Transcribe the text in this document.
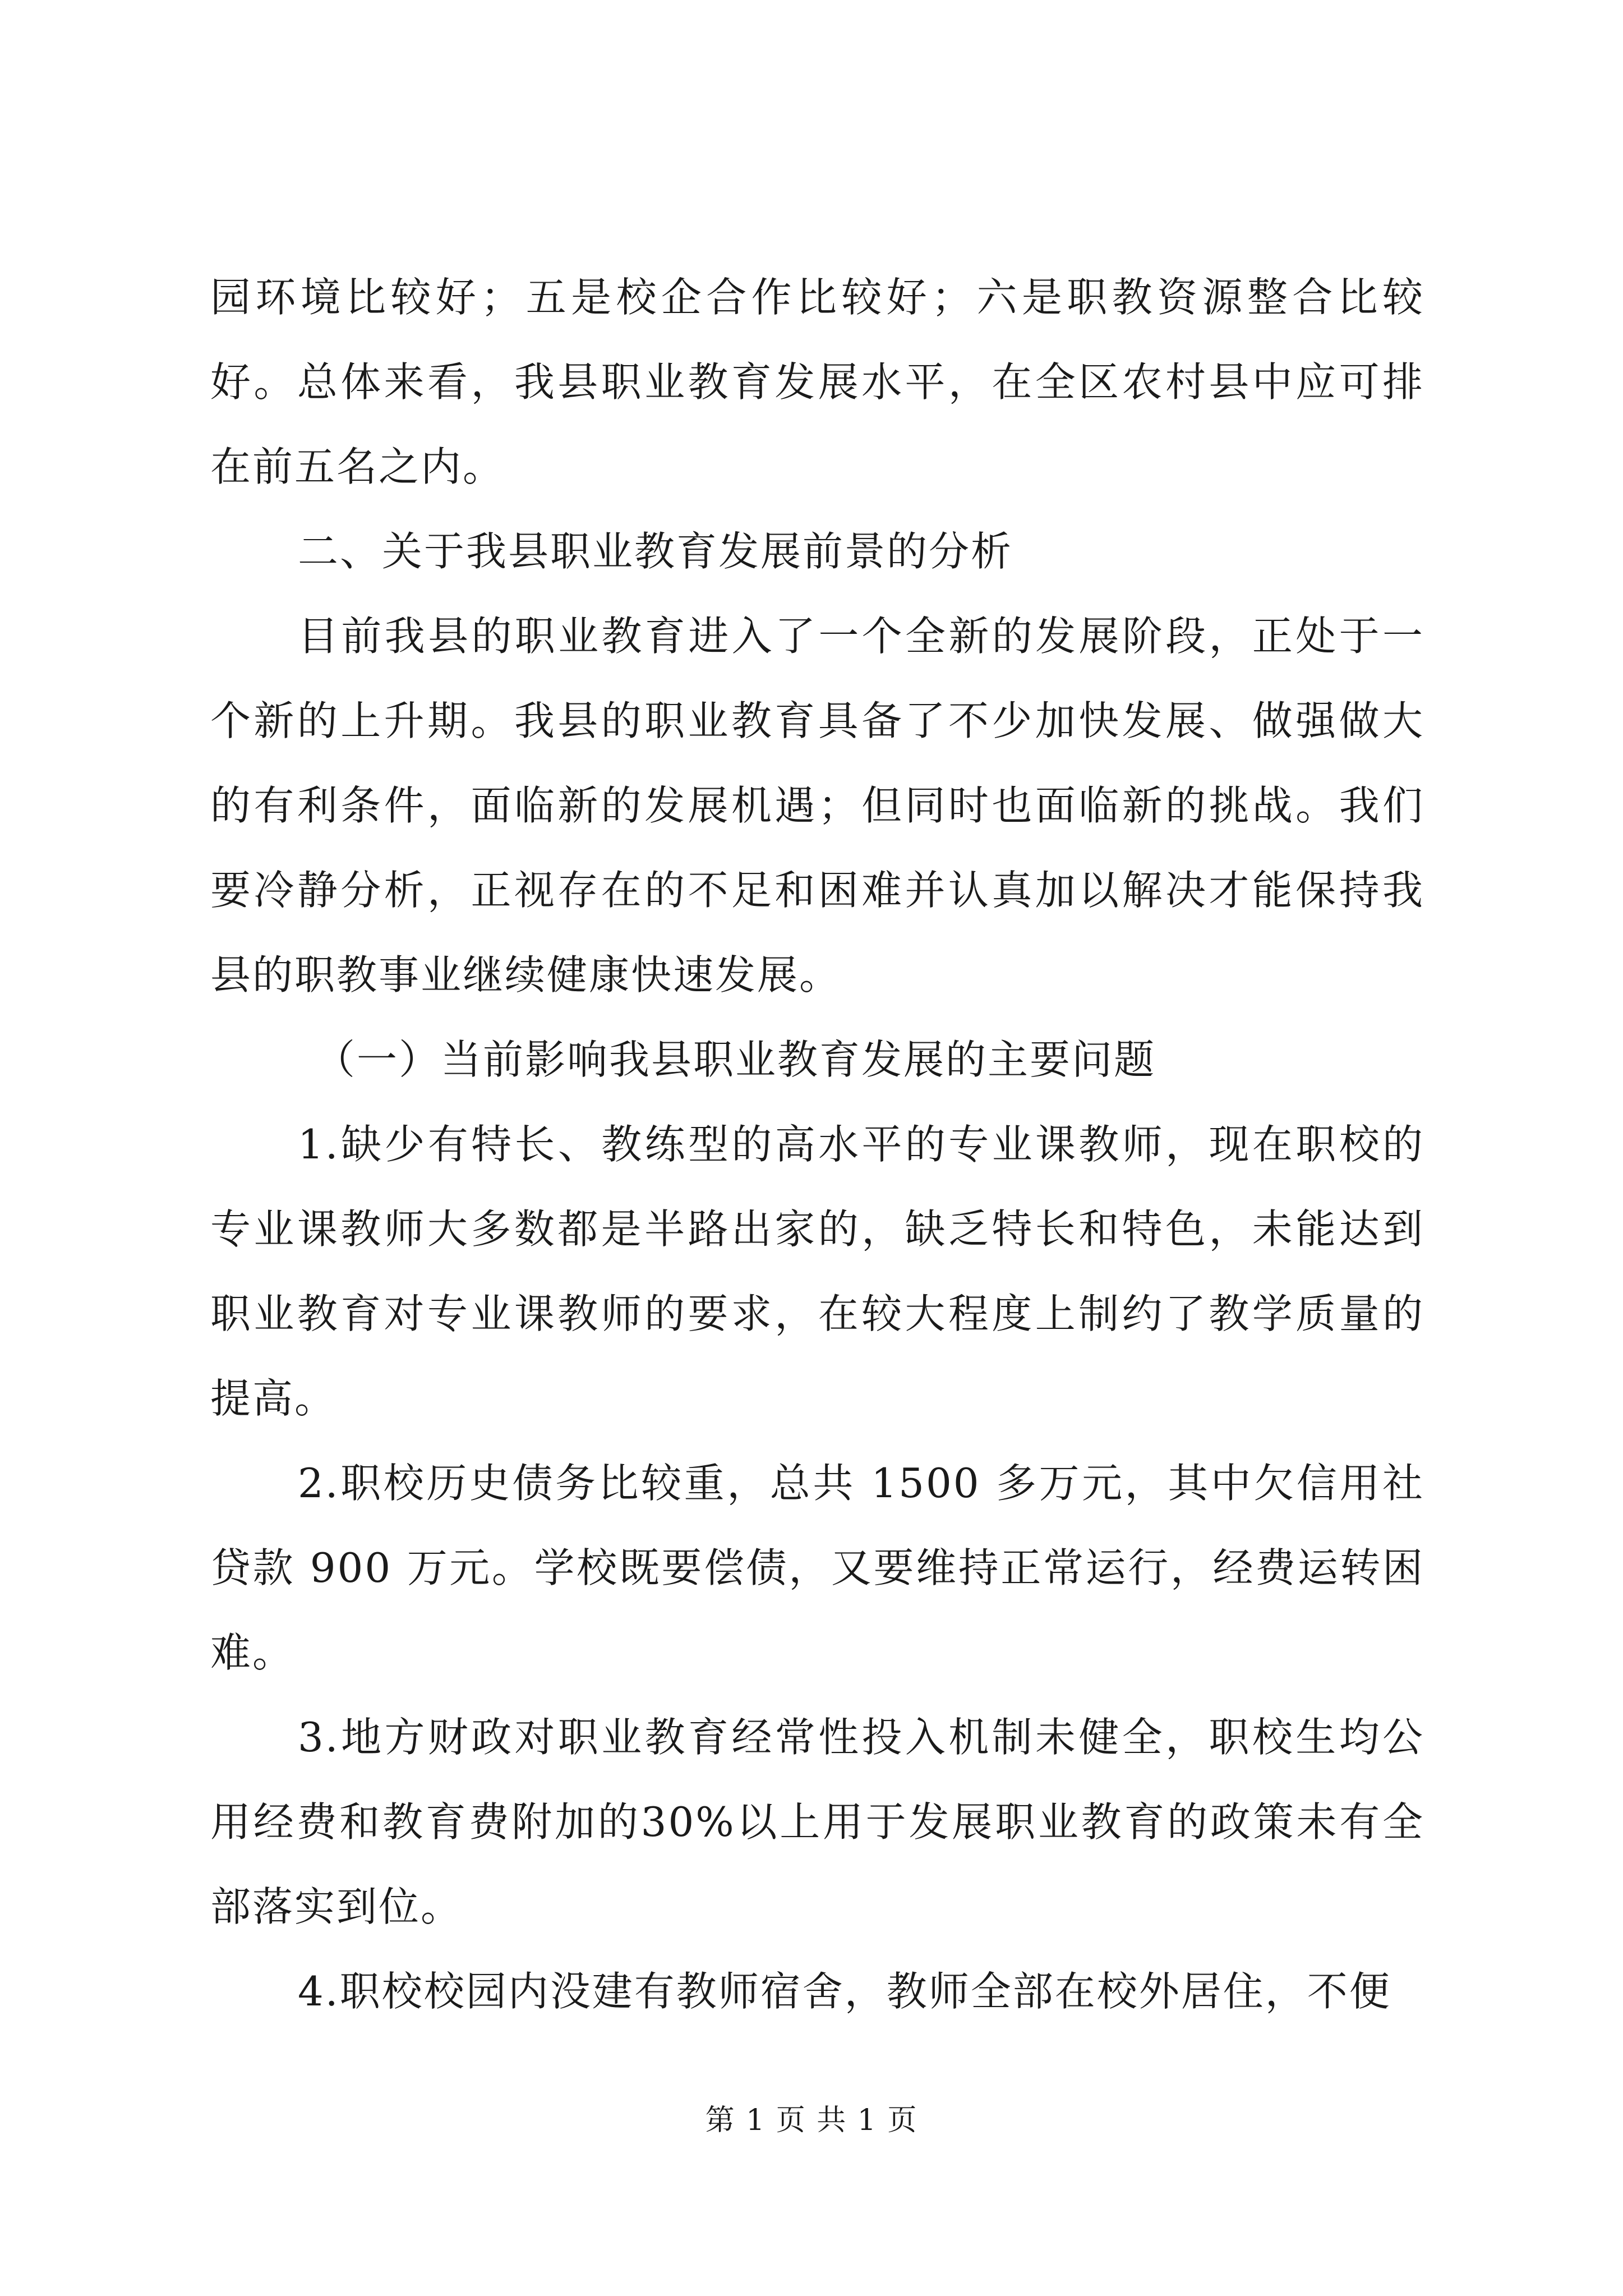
园环境比较好；五是校企合作比较好；六是职教资源整合比较好。总体来看，我县职业教育发展水平，在全区农村县中应可排在前五名之内。

二、关于我县职业教育发展前景的分析

目前我县的职业教育进入了一个全新的发展阶段，正处于一个新的上升期。我县的职业教育具备了不少加快发展、做强做大的有利条件，面临新的发展机遇；但同时也面临新的挑战。我们要冷静分析，正视存在的不足和困难并认真加以解决才能保持我县的职教事业继续健康快速发展。

（一）当前影响我县职业教育发展的主要问题

1.缺少有特长、教练型的高水平的专业课教师，现在职校的专业课教师大多数都是半路出家的，缺乏特长和特色，未能达到职业教育对专业课教师的要求，在较大程度上制约了教学质量的提高。

2.职校历史债务比较重，总共 1500 多万元，其中欠信用社贷款 900 万元。学校既要偿债，又要维持正常运行，经费运转困难。

3.地方财政对职业教育经常性投入机制未健全，职校生均公用经费和教育费附加的30%以上用于发展职业教育的政策未有全部落实到位。

4.职校校园内没建有教师宿舍，教师全部在校外居住，不便

第 1 页 共 1 页
